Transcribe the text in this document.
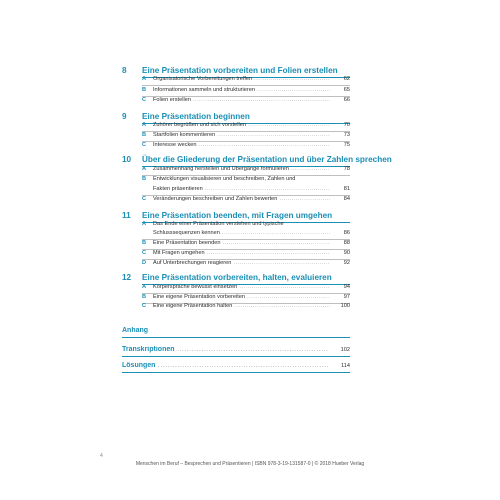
8 Eine Präsentation vorbereiten und Folien erstellen
A Organisatorische Vorbereitungen treffen .....	62
B Informationen sammeln und strukturieren .....	65
C Folien erstellen .....	66
9 Eine Präsentation beginnen
A Zuhörer begrüßen und sich vorstellen .....	70
B Startfolien kommentieren .....	73
C Interesse wecken .....	75
10 Über die Gliederung der Präsentation und über Zahlen sprechen
A Zusammenhang herstellen und Übergänge formulieren .....	78
B Entwicklungen visualisieren und beschreiben, Zahlen und
Fakten präsentieren .....	81
C Veränderungen beschreiben und Zahlen bewerten .....	84
11 Eine Präsentation beenden, mit Fragen umgehen
A Das Ende einer Präsentation verstehen und typische
Schlusssequenzen kennen .....	86
B Eine Präsentation beenden .....	88
C Mit Fragen umgehen .....	90
D Auf Unterbrechungen reagieren .....	92
12 Eine Präsentation vorbereiten, halten, evaluieren
A Körpersprache bewusst einsetzen .....	94
B Eine eigene Präsentation vorbereiten .....	97
C Eine eigene Präsentation halten .....	100
Anhang
Transkriptionen .....	102
Lösungen .....	114
4
Menschen im Beruf – Besprechen und Präsentieren | ISBN 978-3-19-131587-0 | © 2018 Hueber Verlag
